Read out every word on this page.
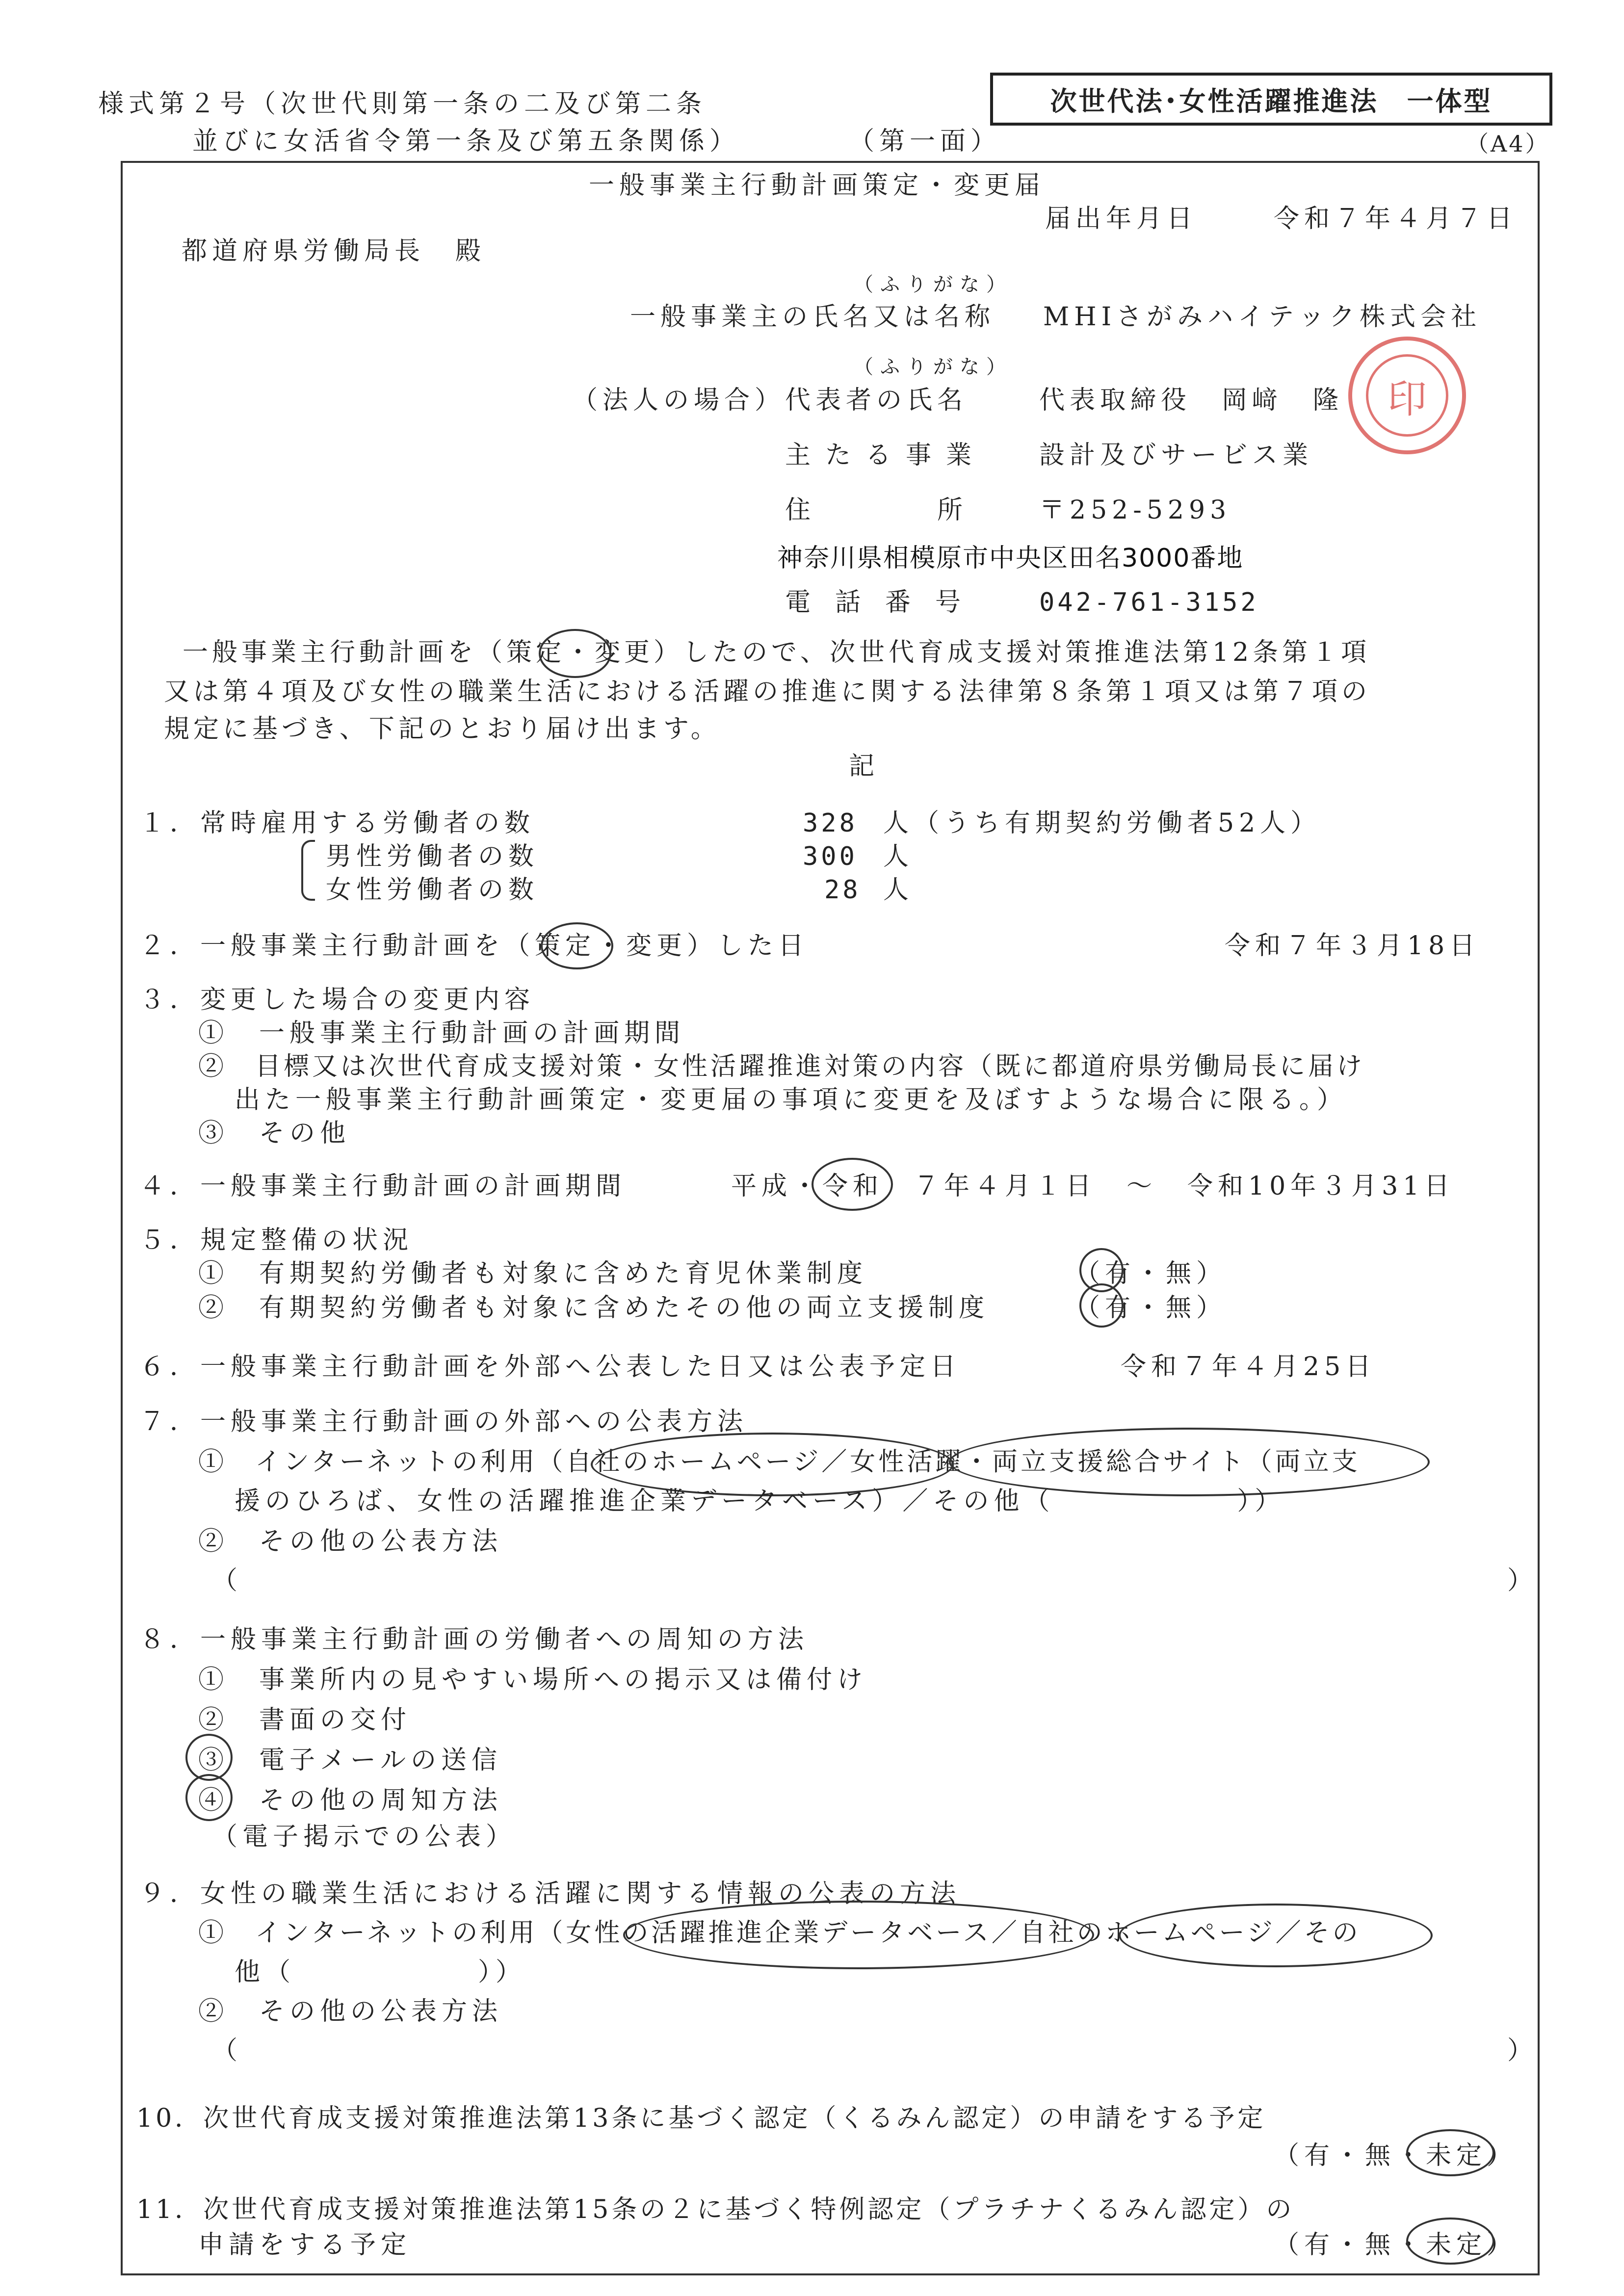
様式第２号（次世代則第一条の二及び第二条
並びに女活省令第一条及び第五条関係）	（第一面）
次世代法･女性活躍推進法　一体型
（A4）
一般事業主行動計画策定・変更届
届出年月日	令和７年４月７日
都道府県労働局長　殿
（ふりがな）
一般事業主の氏名又は名称 MHIさがみハイテック株式会社
（ふりがな）
（法人の場合）代表者の氏名	代表取締役　岡﨑　隆	印
主たる事業 設計及びサービス業
住　　　　所	〒252-5293
神奈川県相模原市中央区田名3000番地
電話番号 042-761-3152
一般事業主行動計画を（策定・変更）したので、次世代育成支援対策推進法第12条第１項
又は第４項及び女性の職業生活における活躍の推進に関する法律第８条第１項又は第７項の
規定に基づき、下記のとおり届け出ます。
記
１．常時雇用する労働者の数	328 人（うち有期契約労働者52人）
男性労働者の数	300 人
女性労働者の数	28 人
２．一般事業主行動計画を（策定・変更）した日	令和７年３月18日
３．変更した場合の変更内容
①　一般事業主行動計画の計画期間
②　目標又は次世代育成支援対策・女性活躍推進対策の内容（既に都道府県労働局長に届け
出た一般事業主行動計画策定・変更届の事項に変更を及ぼすような場合に限る。）
③　その他
４．一般事業主行動計画の計画期間	平成・令和 ７年４月１日　～　令和10年３月31日
５．規定整備の状況
①　有期契約労働者も対象に含めた育児休業制度	（有・無）
②　有期契約労働者も対象に含めたその他の両立支援制度	（有・無）
６．一般事業主行動計画を外部へ公表した日又は公表予定日	令和７年４月25日
７．一般事業主行動計画の外部への公表方法
①　インターネットの利用（自社のホームページ／女性活躍・両立支援総合サイト（両立支
援のひろば、女性の活躍推進企業データベース）／その他（　　　　　　））
②　その他の公表方法
（	）
８．一般事業主行動計画の労働者への周知の方法
①　事業所内の見やすい場所への掲示又は備付け
②　書面の交付
③　電子メールの送信
④　その他の周知方法
（電子掲示での公表）
９．女性の職業生活における活躍に関する情報の公表の方法
①　インターネットの利用（女性の活躍推進企業データベース／自社のホームページ／その
他（　　　　　　））
②　その他の公表方法
（	）
10．次世代育成支援対策推進法第13条に基づく認定（くるみん認定）の申請をする予定
（有・無・未定）
11．次世代育成支援対策推進法第15条の２に基づく特例認定（プラチナくるみん認定）の
申請をする予定	（有・無・未定）
